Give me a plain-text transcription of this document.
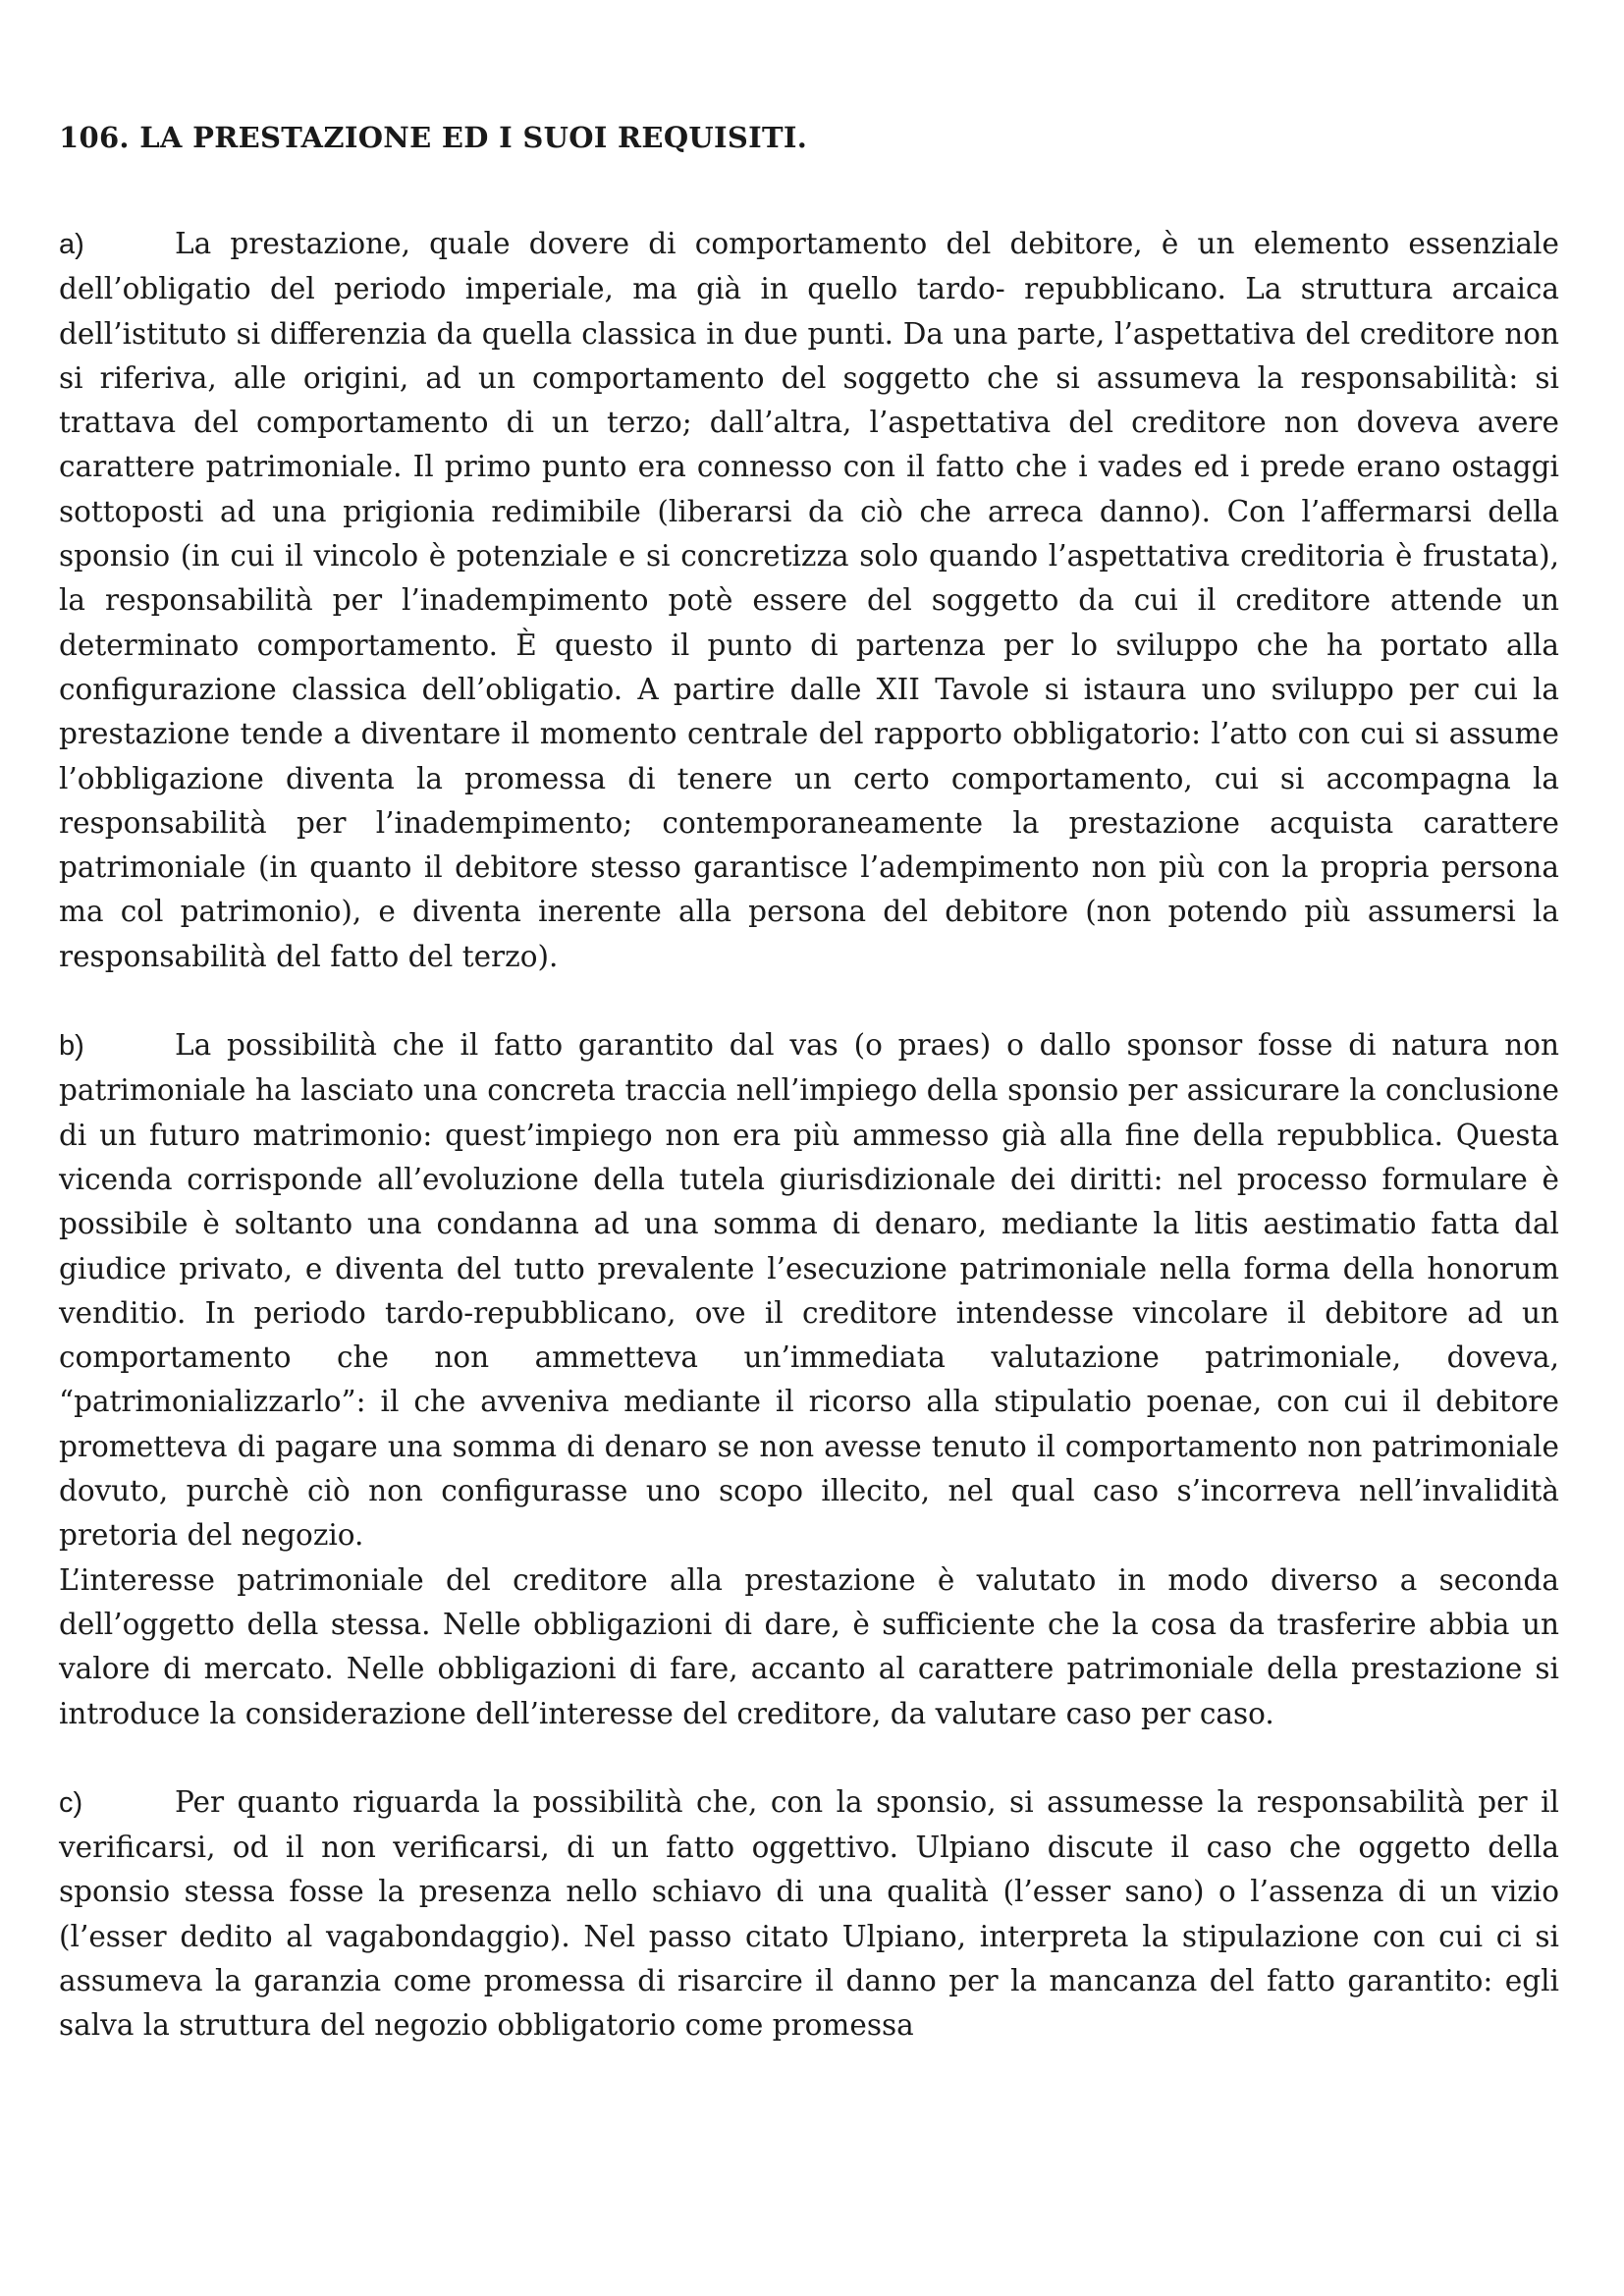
106. LA PRESTAZIONE ED I SUOI REQUISITI.

a)	La prestazione, quale dovere di comportamento del debitore, è un elemento essenziale dell’obligatio del periodo imperiale, ma già in quello tardo- repubblicano. La struttura arcaica dell’istituto si differenzia da quella classica in due punti. Da una parte, l’aspettativa del creditore non si riferiva, alle origini, ad un comportamento del soggetto che si assumeva la responsabilità: si trattava del comportamento di un terzo; dall’altra, l’aspettativa del creditore non doveva avere carattere patrimoniale. Il primo punto era connesso con il fatto che i vades ed i prede erano ostaggi sottoposti ad una prigionia redimibile (liberarsi da ciò che arreca danno). Con l’affermarsi della sponsio (in cui il vincolo è potenziale e si concretizza solo quando l’aspettativa creditoria è frustata), la responsabilità per l’inadempimento potè essere del soggetto da cui il creditore attende un determinato comportamento. È questo il punto di partenza per lo sviluppo che ha portato alla configurazione classica dell’obligatio. A partire dalle XII Tavole si istaura uno sviluppo per cui la prestazione tende a diventare il momento centrale del rapporto obbligatorio: l’atto con cui si assume l’obbligazione diventa la promessa di tenere un certo comportamento, cui si accompagna la responsabilità per l’inadempimento; contemporaneamente la prestazione acquista carattere patrimoniale (in quanto il debitore stesso garantisce l’adempimento non più con la propria persona ma col patrimonio), e diventa inerente alla persona del debitore (non potendo più assumersi la responsabilità del fatto del terzo).

b)	La possibilità che il fatto garantito dal vas (o praes) o dallo sponsor fosse di natura non patrimoniale ha lasciato una concreta traccia nell’impiego della sponsio per assicurare la conclusione di un futuro matrimonio: quest’impiego non era più ammesso già alla fine della repubblica. Questa vicenda corrisponde all’evoluzione della tutela giurisdizionale dei diritti: nel processo formulare è possibile è soltanto una condanna ad una somma di denaro, mediante la litis aestimatio fatta dal giudice privato, e diventa del tutto prevalente l’esecuzione patrimoniale nella forma della honorum venditio. In periodo tardo-repubblicano, ove il creditore intendesse vincolare il debitore ad un comportamento che non ammetteva un’immediata valutazione patrimoniale, doveva, “patrimonializzarlo”: il che avveniva mediante il ricorso alla stipulatio poenae, con cui il debitore prometteva di pagare una somma di denaro se non avesse tenuto il comportamento non patrimoniale dovuto, purchè ciò non configurasse uno scopo illecito, nel qual caso s’incorreva nell’invalidità pretoria del negozio.

L’interesse patrimoniale del creditore alla prestazione è valutato in modo diverso a seconda dell’oggetto della stessa. Nelle obbligazioni di dare, è sufficiente che la cosa da trasferire abbia un valore di mercato. Nelle obbligazioni di fare, accanto al carattere patrimoniale della prestazione si introduce la considerazione dell’interesse del creditore, da valutare caso per caso.

c)	Per quanto riguarda la possibilità che, con la sponsio, si assumesse la responsabilità per il verificarsi, od il non verificarsi, di un fatto oggettivo. Ulpiano discute il caso che oggetto della sponsio stessa fosse la presenza nello schiavo di una qualità (l’esser sano) o l’assenza di un vizio (l’esser dedito al vagabondaggio). Nel passo citato Ulpiano, interpreta la stipulazione con cui ci si assumeva la garanzia come promessa di risarcire il danno per la mancanza del fatto garantito: egli salva la struttura del negozio obbligatorio come promessa
